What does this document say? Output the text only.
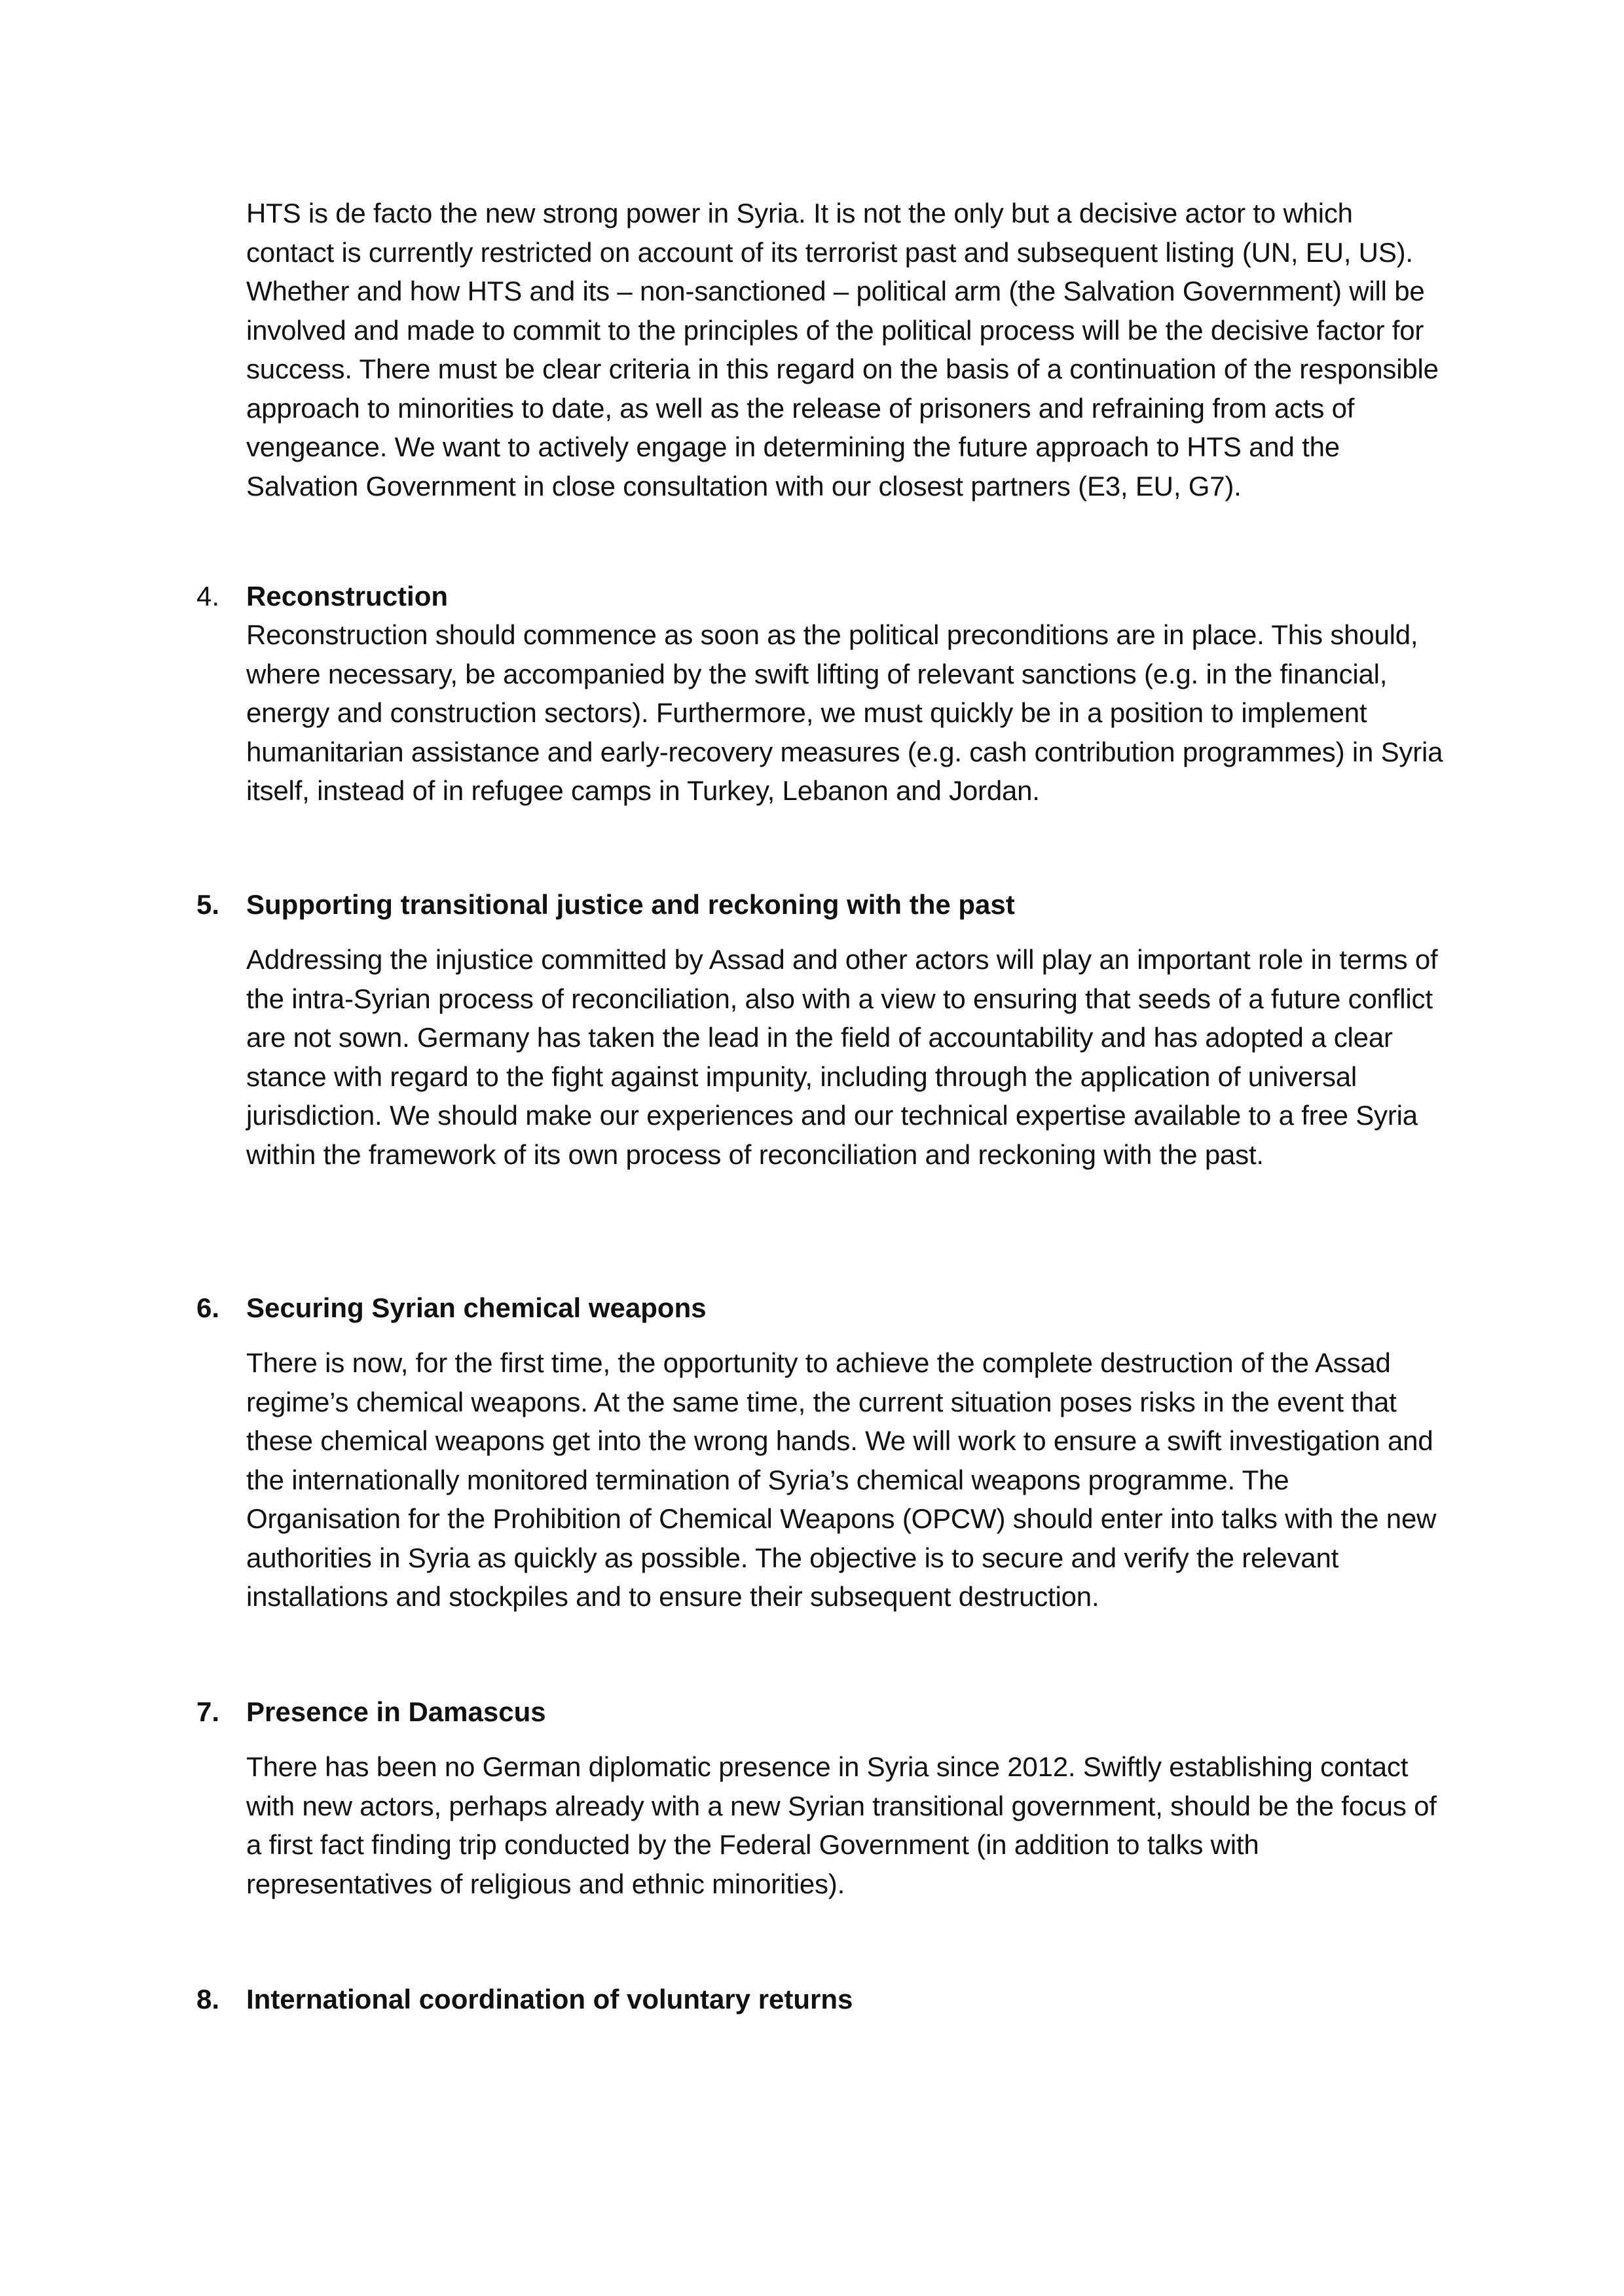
HTS is de facto the new strong power in Syria. It is not the only but a decisive actor to which contact is currently restricted on account of its terrorist past and subsequent listing (UN, EU, US). Whether and how HTS and its – non-sanctioned – political arm (the Salvation Government) will be involved and made to commit to the principles of the political process will be the decisive factor for success. There must be clear criteria in this regard on the basis of a continuation of the responsible approach to minorities to date, as well as the release of prisoners and refraining from acts of vengeance. We want to actively engage in determining the future approach to HTS and the Salvation Government in close consultation with our closest partners (E3, EU, G7).

4. Reconstruction

Reconstruction should commence as soon as the political preconditions are in place. This should, where necessary, be accompanied by the swift lifting of relevant sanctions (e.g. in the financial, energy and construction sectors). Furthermore, we must quickly be in a position to implement humanitarian assistance and early-recovery measures (e.g. cash contribution programmes) in Syria itself, instead of in refugee camps in Turkey, Lebanon and Jordan.

5. Supporting transitional justice and reckoning with the past

Addressing the injustice committed by Assad and other actors will play an important role in terms of the intra-Syrian process of reconciliation, also with a view to ensuring that seeds of a future conflict are not sown. Germany has taken the lead in the field of accountability and has adopted a clear stance with regard to the fight against impunity, including through the application of universal jurisdiction. We should make our experiences and our technical expertise available to a free Syria within the framework of its own process of reconciliation and reckoning with the past.

6. Securing Syrian chemical weapons

There is now, for the first time, the opportunity to achieve the complete destruction of the Assad regime’s chemical weapons. At the same time, the current situation poses risks in the event that these chemical weapons get into the wrong hands. We will work to ensure a swift investigation and the internationally monitored termination of Syria’s chemical weapons programme. The Organisation for the Prohibition of Chemical Weapons (OPCW) should enter into talks with the new authorities in Syria as quickly as possible. The objective is to secure and verify the relevant installations and stockpiles and to ensure their subsequent destruction.

7. Presence in Damascus

There has been no German diplomatic presence in Syria since 2012. Swiftly establishing contact with new actors, perhaps already with a new Syrian transitional government, should be the focus of a first fact finding trip conducted by the Federal Government (in addition to talks with representatives of religious and ethnic minorities).

8. International coordination of voluntary returns
